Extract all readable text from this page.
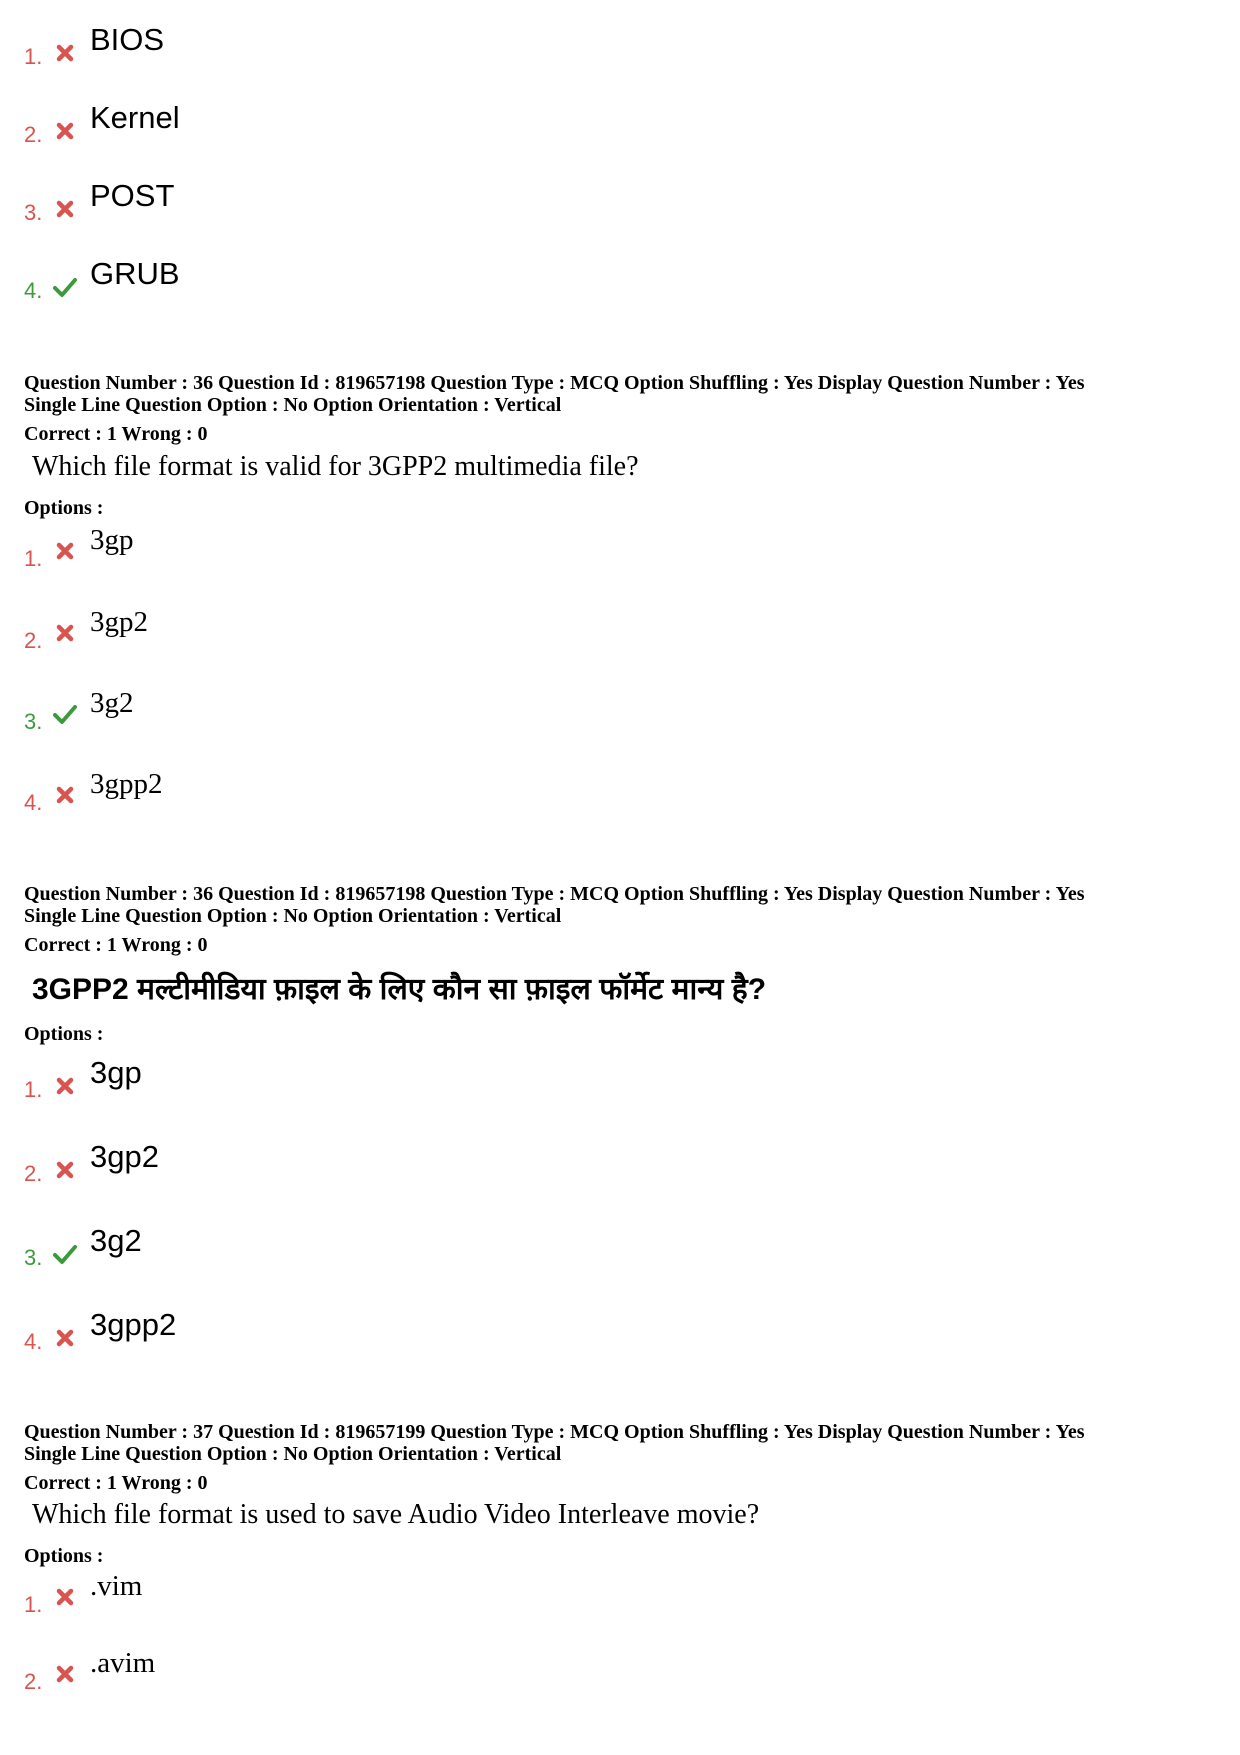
1. BIOS
2. Kernel
3. POST
4. GRUB
Question Number : 36 Question Id : 819657198 Question Type : MCQ Option Shuffling : Yes Display Question Number : Yes
Single Line Question Option : No Option Orientation : Vertical
Correct : 1 Wrong : 0
Which file format is valid for 3GPP2 multimedia file?
Options :
1.
3gp
2.
3gp2
3.
3g2
4.
3gpp2
Question Number : 36 Question Id : 819657198 Question Type : MCQ Option Shuffling : Yes Display Question Number : Yes
Single Line Question Option : No Option Orientation : Vertical
Correct : 1 Wrong : 0
3GPP2 मल्टीमीडिया फ़ाइल के लिए कौन सा फ़ाइल फॉर्मेट मान्य है?
Options :
1. 3gp
2. 3gp2
3. 3g2
4. 3gpp2
Question Number : 37 Question Id : 819657199 Question Type : MCQ Option Shuffling : Yes Display Question Number : Yes
Single Line Question Option : No Option Orientation : Vertical
Correct : 1 Wrong : 0
Which file format is used to save Audio Video Interleave movie?
Options :
1.
.vim
2.
.avim
